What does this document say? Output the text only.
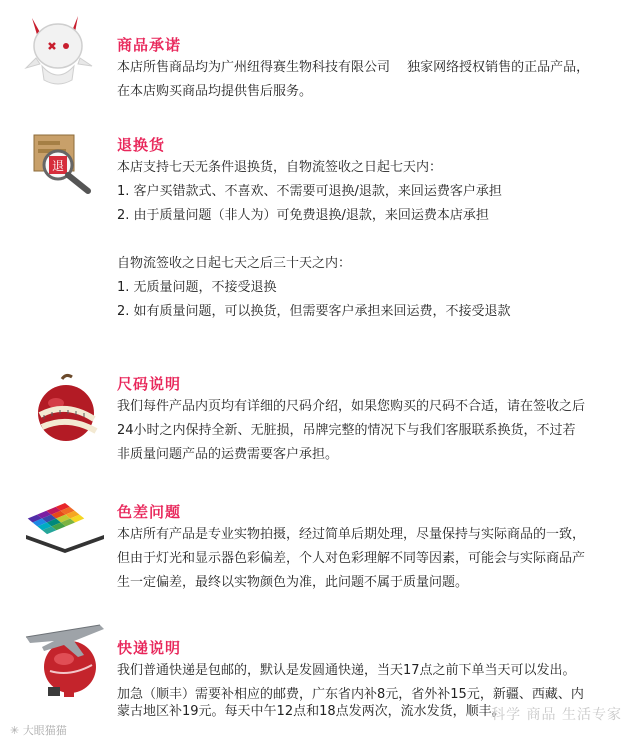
商品承诺
本店所售商品均为广州纽得赛生物科技有限公司　 独家网络授权销售的正品产品，
在本店购买商品均提供售后服务。
退
退换货
本店支持七天无条件退换货，自物流签收之日起七天内：
1. 客户买错款式、不喜欢、不需要可退换/退款，来回运费客户承担
2. 由于质量问题（非人为）可免费退换/退款，来回运费本店承担
自物流签收之日起七天之后三十天之内：
1. 无质量问题，不接受退换
2. 如有质量问题，可以换货，但需要客户承担来回运费，不接受退款
尺码说明
我们每件产品内页均有详细的尺码介绍，如果您购买的尺码不合适，请在签收之后
24小时之内保持全新、无脏损，吊牌完整的情况下与我们客服联系换货，不过若
非质量问题产品的运费需要客户承担。
色差问题
本店所有产品是专业实物拍摄，经过简单后期处理，尽量保持与实际商品的一致，
但由于灯光和显示器色彩偏差，个人对色彩理解不同等因素，可能会与实际商品产
生一定偏差，最终以实物颜色为准，此问题不属于质量问题。
快递说明
我们普通快递是包邮的，默认是发圆通快递，当天17点之前下单当天可以发出。
加急（顺丰）需要补相应的邮费，广东省内补8元，省外补15元，新疆、西藏、内
蒙古地区补19元。每天中午12点和18点发两次，流水发货，顺丰。
✳ 大眼猫猫
科学 商品 生活专家
